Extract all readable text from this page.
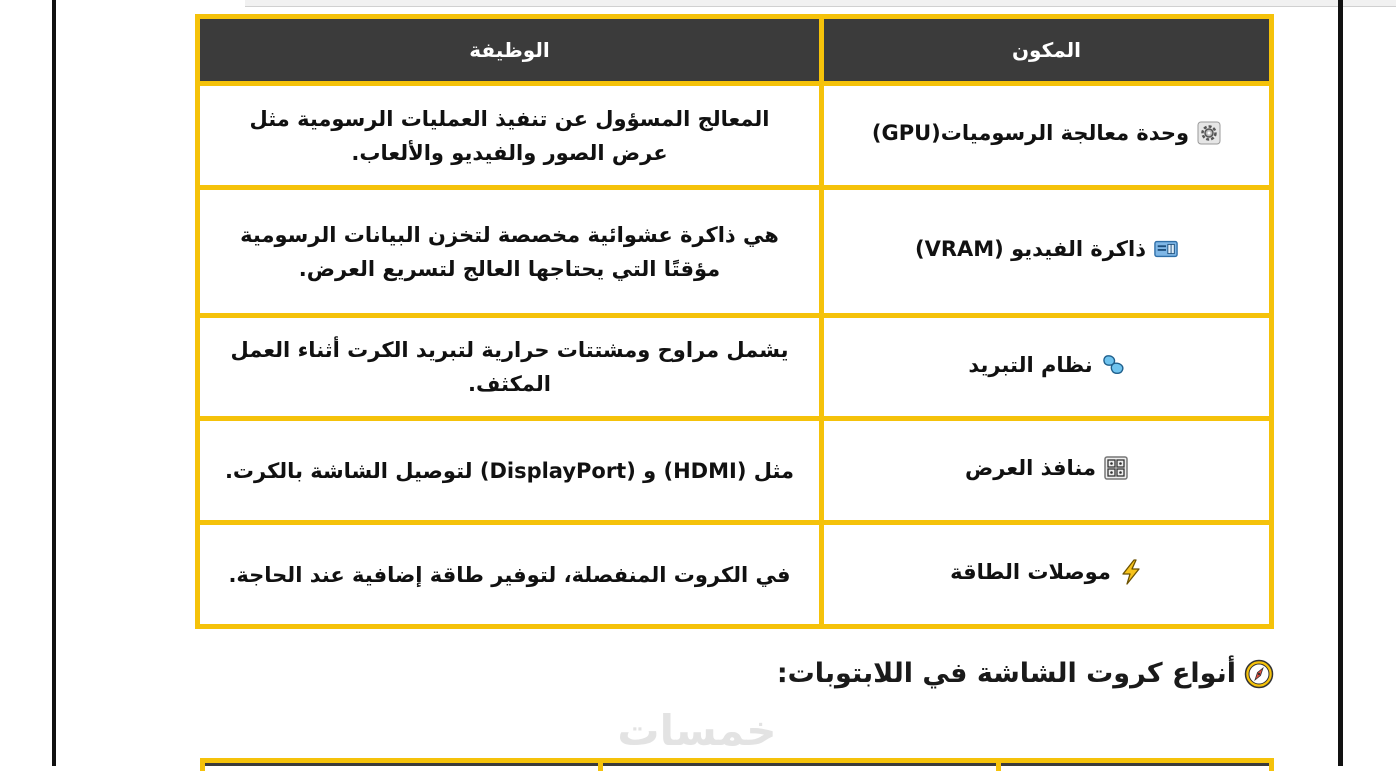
المكون	الوظيفة

وحدة معالجة الرسوميات(GPU)	المعالج المسؤول عن تنفيذ العمليات الرسومية مثل عرض الصور والفيديو والألعاب.

ذاكرة الفيديو (VRAM)	هي ذاكرة عشوائية مخصصة لتخزن البيانات الرسومية مؤقتًا التي يحتاجها العالج لتسريع العرض.

نظام التبريد	يشمل مراوح ومشتتات حرارية لتبريد الكرت أثناء العمل المكثف.

منافذ العرض	مثل (HDMI) و (DisplayPort) لتوصيل الشاشة بالكرت.

موصلات الطاقة	في الكروت المنفصلة، لتوفير طاقة إضافية عند الحاجة.
أنواع كروت الشاشة في اللابتوبات:
خمسات
